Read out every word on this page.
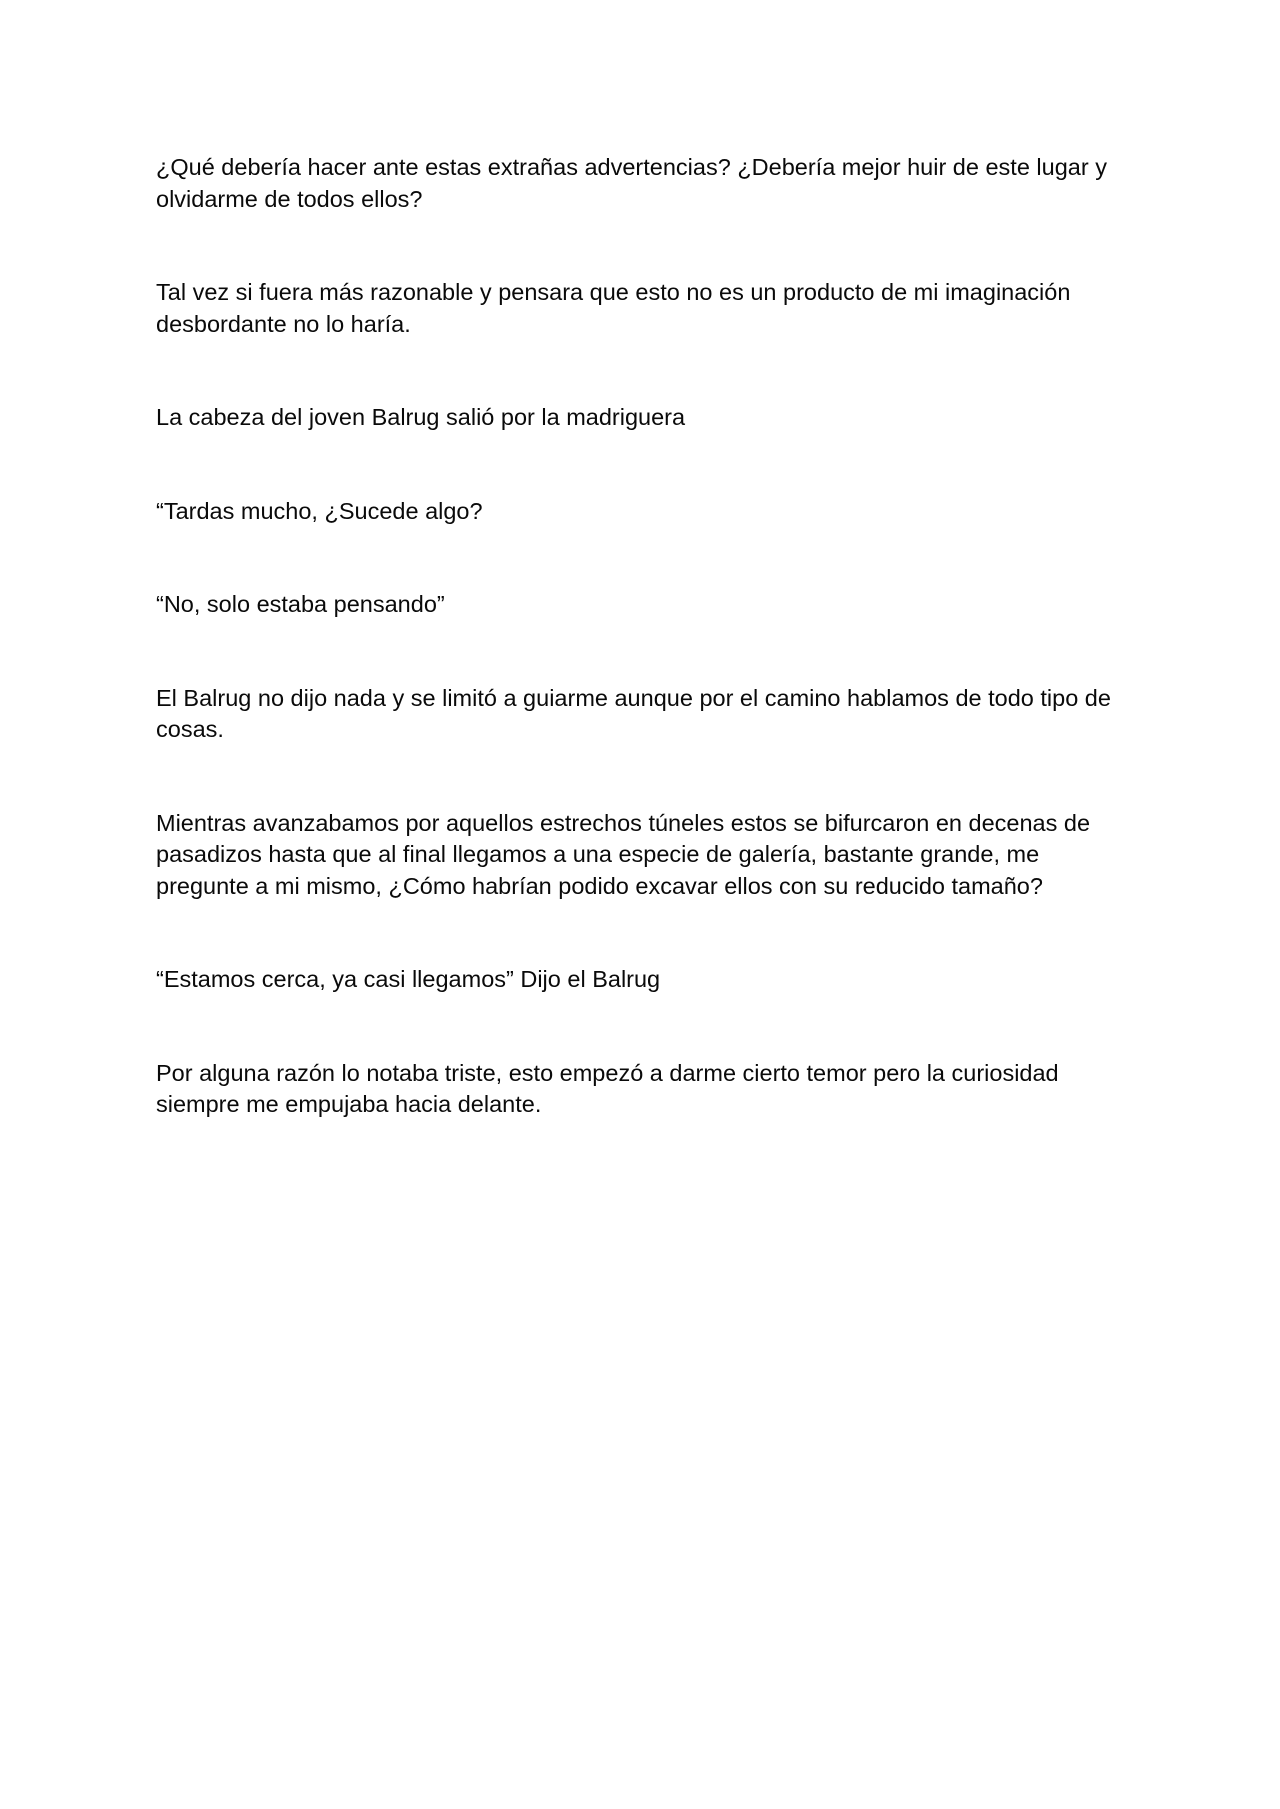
¿Qué debería hacer ante estas extrañas advertencias? ¿Debería mejor huir de este lugar y olvidarme de todos ellos?

Tal vez si fuera más razonable y pensara que esto no es un producto de mi imaginación desbordante no lo haría.

La cabeza del joven Balrug salió por la madriguera

“Tardas mucho, ¿Sucede algo?

“No, solo estaba pensando”

El Balrug no dijo nada y se limitó a guiarme aunque por el camino hablamos de todo tipo de cosas.

Mientras avanzabamos por aquellos estrechos túneles estos se bifurcaron en decenas de pasadizos hasta que al final llegamos a una especie de galería, bastante grande, me pregunte a mi mismo, ¿Cómo habrían podido excavar ellos con su reducido tamaño?

“Estamos cerca, ya casi llegamos” Dijo el Balrug

Por alguna razón lo notaba triste, esto empezó a darme cierto temor pero la curiosidad siempre me empujaba hacia delante.
